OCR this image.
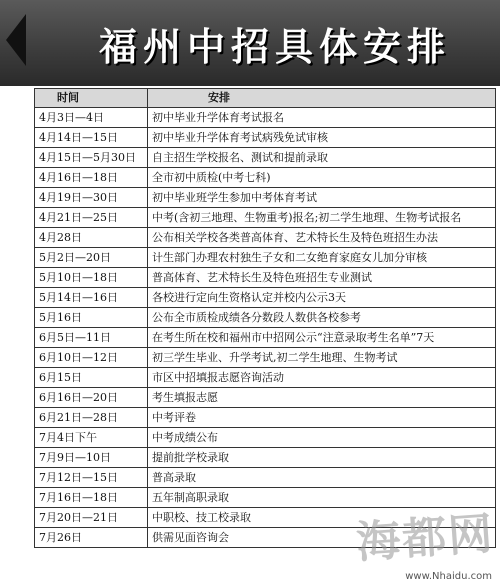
福州中招具体安排
时间	安排
4月3日—4日	初中毕业升学体育考试报名
4月14日—15日	初中毕业升学体育考试病残免试审核
4月15日—5月30日	自主招生学校报名、测试和提前录取
4月16日—18日	全市初中质检(中考七科)
4月19日—30日	初中毕业班学生参加中考体育考试
4月21日—25日	中考(含初三地理、生物重考)报名;初二学生地理、生物考试报名
4月28日	公布相关学校各类普高体育、艺术特长生及特色班招生办法
5月2日—20日	计生部门办理农村独生子女和二女绝育家庭女儿加分审核
5月10日—18日	普高体育、艺术特长生及特色班招生专业测试
5月14日—16日	各校进行定向生资格认定并校内公示3天
5月16日	公布全市质检成绩各分数段人数供各校参考
6月5日—11日	在考生所在校和福州市中招网公示“注意录取考生名单”7天
6月10日—12日	初三学生毕业、升学考试,初二学生地理、生物考试
6月15日	市区中招填报志愿咨询活动
6月16日—20日	考生填报志愿
6月21日—28日	中考评卷
7月4日下午	中考成绩公布
7月9日—10日	提前批学校录取
7月12日—15日	普高录取
7月16日—18日	五年制高职录取
7月20日—21日	中职校、技工校录取
7月26日	供需见面咨询会	海都网
www.Nhaidu.com
